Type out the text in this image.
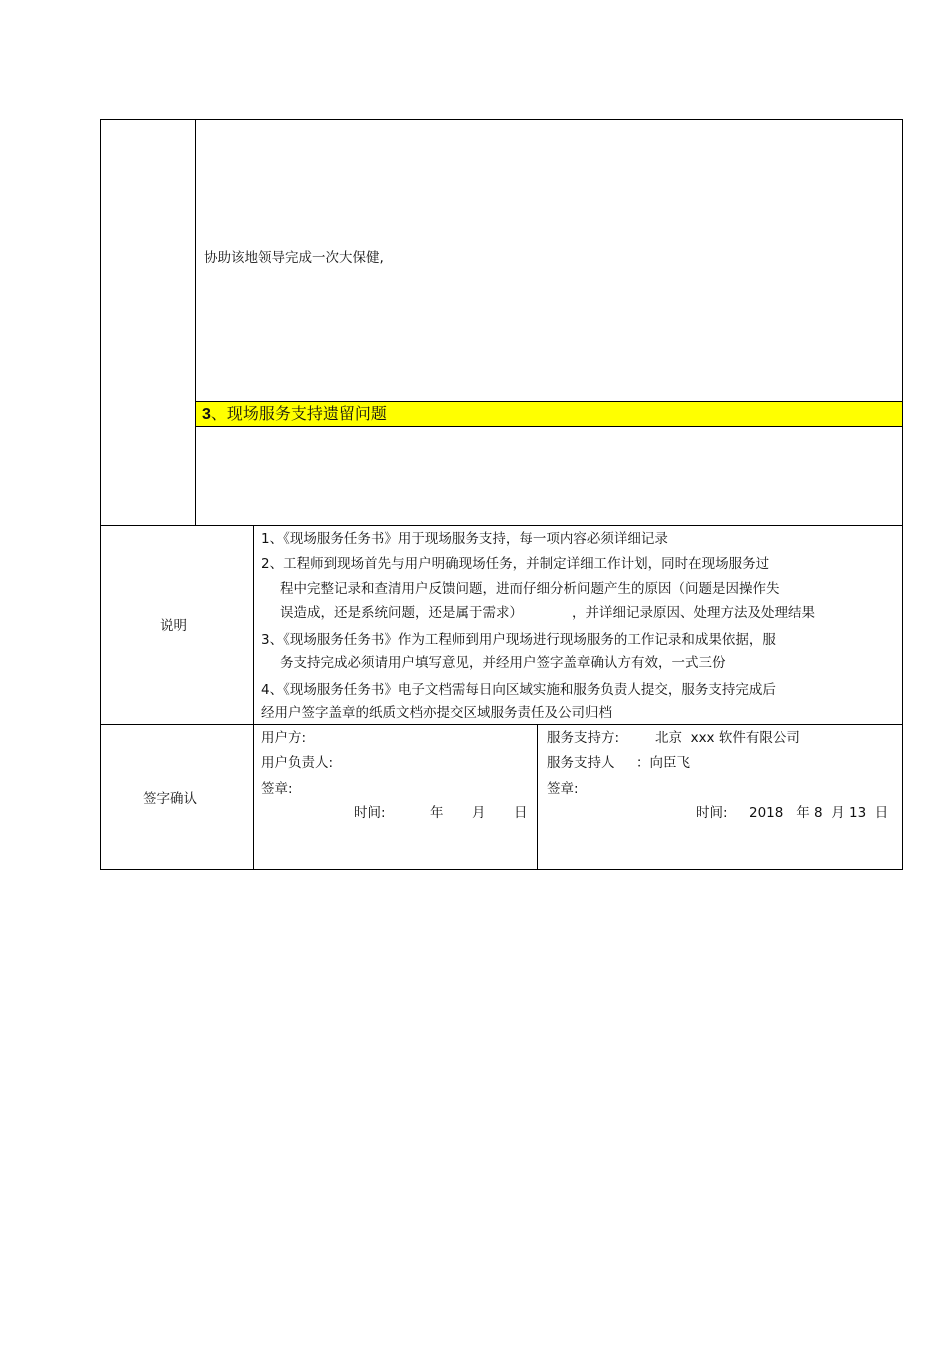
协助该地领导完成一次大保健,
3、现场服务支持遗留问题
说明
1、《现场服务任务书》用于现场服务支持，每一项内容必须详细记录
2、工程师到现场首先与用户明确现场任务，并制定详细工作计划，同时在现场服务过
程中完整记录和查清用户反馈问题，进而仔细分析问题产生的原因（问题是因操作失
误造成，还是系统问题，还是属于需求）	，并详细记录原因、处理方法及处理结果
3、《现场服务任务书》作为工程师到用户现场进行现场服务的工作记录和成果依据，服
务支持完成必须请用户填写意见，并经用户签字盖章确认方有效，一式三份
4、《现场服务任务书》电子文档需每日向区域实施和服务负责人提交，服务支持完成后
经用户签字盖章的纸质文档亦提交区域服务责任及公司归档
签字确认
用户方:
用户负责人:
签章:
时间:	年 月 日
服务支持方:	北京  xxx 软件有限公司
服务支持人 ：向臣飞
签章:
时间: 2018   年 8  月 13  日
